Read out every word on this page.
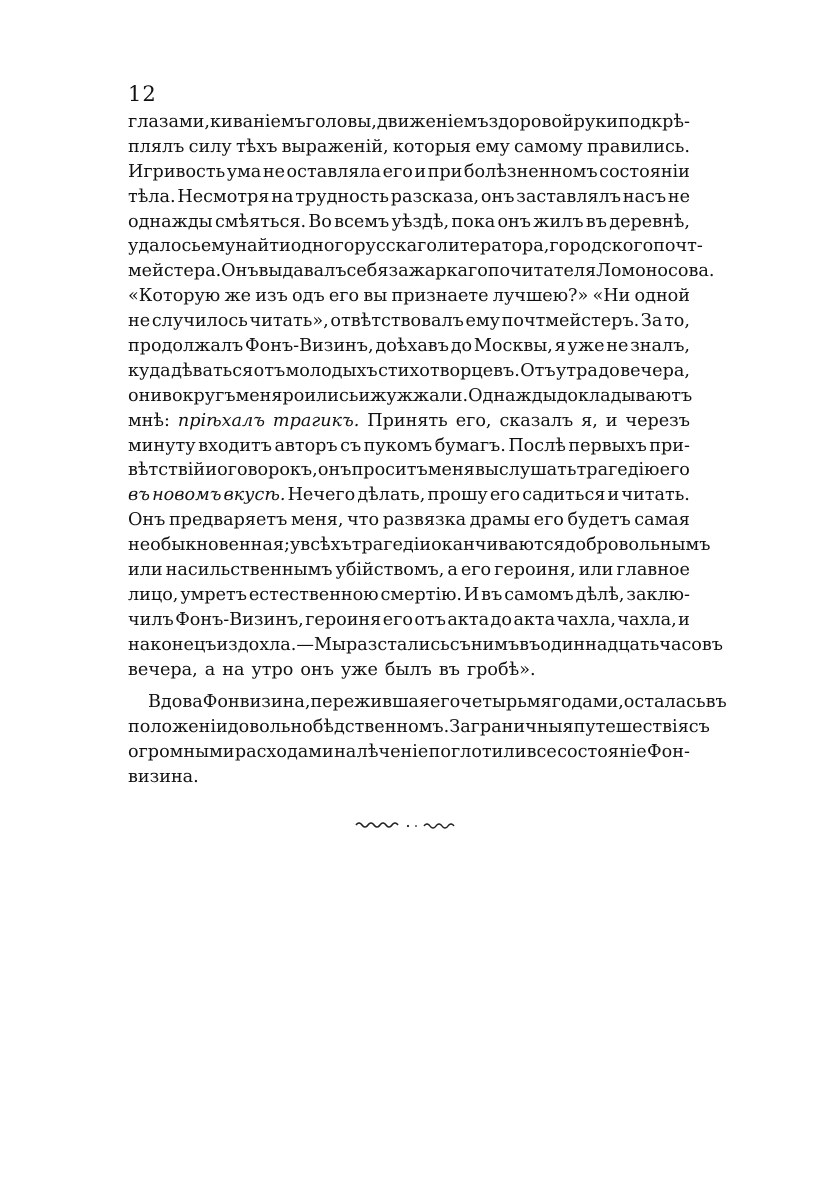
12
глазами, киванiемъ головы, движенiемъ здоровой руки подкрѣ-
плялъ силу тѣхъ выраженiй, которыя ему самому правились.
Игривость ума не оставляла его и при болѣзненномъ состоянiи
тѣла. Несмотря на трудность разсказа, онъ заставлялъ насъ не
однажды смѣяться. Во всемъ уѣздѣ, пока онъ жилъ въ деревнѣ,
удалось ему найти одного русскаго литератора, городского почт-
мейстера. Онъ выдавалъ себя за жаркаго почитателя Ломоносова.
«Которую же изъ одъ его вы признаете лучшею?» «Ни одной
не случилось читать», отвѣтствовалъ ему почтмейстеръ. За то,
продолжалъ Фонъ-Визинъ, доѣхавъ до Москвы, я уже не зналъ,
куда дѣваться отъ молодыхъ стихотворцевъ. Отъ утра до вечера,
они вокругъ меня роились и жужжали. Однажды докладываютъ
мнѣ: прiѣхалъ трагикъ. Принять его, сказалъ я, и черезъ
минуту входитъ авторъ съ пукомъ бумагъ. Послѣ первыхъ при-
вѣтствiй и оговорокъ, онъ проситъ меня выслушать трагедiю его
въ новомъ вкусѣ. Нечего дѣлать, прошу его садиться и читать.
Онъ предваряетъ меня, что развязка драмы его будетъ самая
необыкновенная; у всѣхъ трагедiи оканчиваются добровольнымъ
или насильственнымъ убiйствомъ, а его героиня, или главное
лицо, умретъ естественною смертiю. И въ самомъ дѣлѣ, заклю-
чилъ Фонъ-Визинъ, героиня его отъ акта до акта чахла, чахла, и
наконецъ издохла.—Мы разстались съ нимъ въ одиннадцать часовъ
вечера, а на утро онъ уже былъ въ гробѣ».
Вдова Фонвизина, пережившая его четырьмя годами, осталась въ
положенiи довольно бѣдственномъ. Заграничныя путешествiя съ
огромными расходами на лѣченiе поглотили все состоянiе Фон-
визина.
